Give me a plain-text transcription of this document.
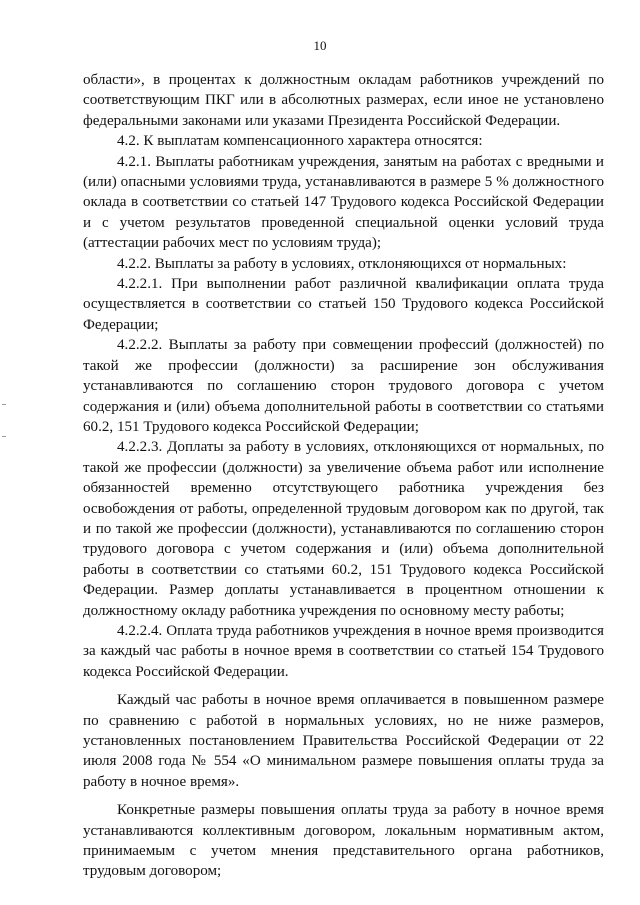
10

области», в процентах к должностным окладам работников учреждений по соответствующим ПКГ или в абсолютных размерах, если иное не установлено федеральными законами или указами Президента Российской Федерации.

4.2. К выплатам компенсационного характера относятся:

4.2.1. Выплаты работникам учреждения, занятым на работах с вредными и (или) опасными условиями труда, устанавливаются в размере 5 % должностного оклада в соответствии со статьей 147 Трудового кодекса Российской Федерации и с учетом результатов проведенной специальной оценки условий труда (аттестации рабочих мест по условиям труда);

4.2.2. Выплаты за работу в условиях, отклоняющихся от нормальных:

4.2.2.1. При выполнении работ различной квалификации оплата труда осуществляется в соответствии со статьей 150 Трудового кодекса Российской Федерации;

4.2.2.2. Выплаты за работу при совмещении профессий (должностей) по такой же профессии (должности) за расширение зон обслуживания устанавливаются по соглашению сторон трудового договора с учетом содержания и (или) объема дополнительной работы в соответствии со статьями 60.2, 151 Трудового кодекса Российской Федерации;

4.2.2.3. Доплаты за работу в условиях, отклоняющихся от нормальных, по такой же профессии (должности) за увеличение объема работ или исполнение обязанностей временно отсутствующего работника учреждения без освобождения от работы, определенной трудовым договором как по другой, так и по такой же профессии (должности), устанавливаются по соглашению сторон трудового договора с учетом содержания и (или) объема дополнительной работы в соответствии со статьями 60.2, 151 Трудового кодекса Российской Федерации. Размер доплаты устанавливается в процентном отношении к должностному окладу работника учреждения по основному месту работы;

4.2.2.4. Оплата труда работников учреждения в ночное время производится за каждый час работы в ночное время в соответствии со статьей 154 Трудового кодекса Российской Федерации.

Каждый час работы в ночное время оплачивается в повышенном размере по сравнению с работой в нормальных условиях, но не ниже размеров, установленных постановлением Правительства Российской Федерации от 22 июля 2008 года № 554 «О минимальном размере повышения оплаты труда за работу в ночное время».

Конкретные размеры повышения оплаты труда за работу в ночное время устанавливаются коллективным договором, локальным нормативным актом, принимаемым с учетом мнения представительного органа работников, трудовым договором;
